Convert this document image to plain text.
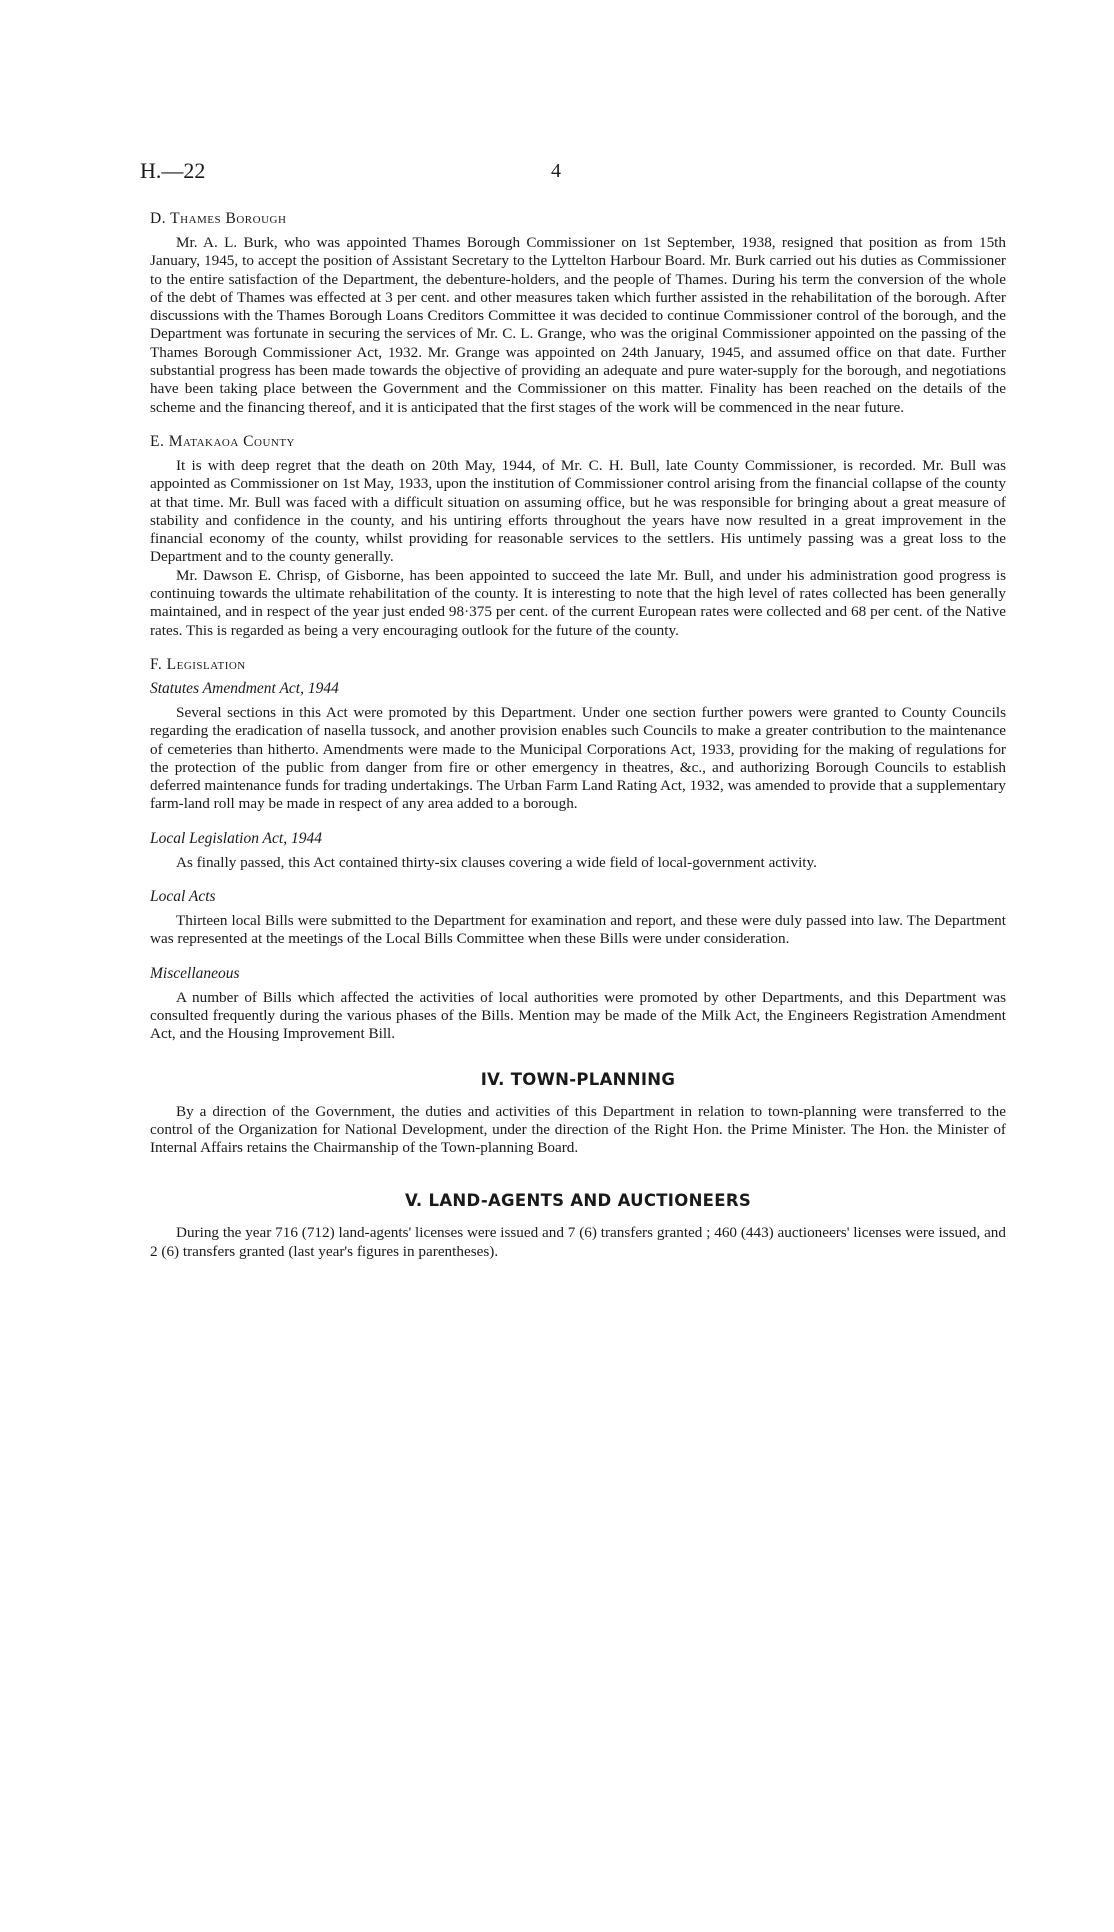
H.—22	4
D. Thames Borough

Mr. A. L. Burk, who was appointed Thames Borough Commissioner on 1st September, 1938, resigned that position as from 15th January, 1945, to accept the position of Assistant Secretary to the Lyttelton Harbour Board. Mr. Burk carried out his duties as Commissioner to the entire satisfaction of the Department, the debenture-holders, and the people of Thames. During his term the conversion of the whole of the debt of Thames was effected at 3 per cent. and other measures taken which further assisted in the rehabilitation of the borough. After discussions with the Thames Borough Loans Creditors Committee it was decided to continue Commissioner control of the borough, and the Department was fortunate in securing the services of Mr. C. L. Grange, who was the original Commissioner appointed on the passing of the Thames Borough Commissioner Act, 1932. Mr. Grange was appointed on 24th January, 1945, and assumed office on that date. Further substantial progress has been made towards the objective of providing an adequate and pure water-supply for the borough, and negotiations have been taking place between the Government and the Commissioner on this matter. Finality has been reached on the details of the scheme and the financing thereof, and it is anticipated that the first stages of the work will be commenced in the near future.

E. Matakaoa County

It is with deep regret that the death on 20th May, 1944, of Mr. C. H. Bull, late County Commissioner, is recorded. Mr. Bull was appointed as Commissioner on 1st May, 1933, upon the institution of Commissioner control arising from the financial collapse of the county at that time. Mr. Bull was faced with a difficult situation on assuming office, but he was responsible for bringing about a great measure of stability and confidence in the county, and his untiring efforts throughout the years have now resulted in a great improvement in the financial economy of the county, whilst providing for reasonable services to the settlers. His untimely passing was a great loss to the Department and to the county generally.

Mr. Dawson E. Chrisp, of Gisborne, has been appointed to succeed the late Mr. Bull, and under his administration good progress is continuing towards the ultimate rehabilitation of the county. It is interesting to note that the high level of rates collected has been generally maintained, and in respect of the year just ended 98·375 per cent. of the current European rates were collected and 68 per cent. of the Native rates. This is regarded as being a very encouraging outlook for the future of the county.

F. Legislation
Statutes Amendment Act, 1944

Several sections in this Act were promoted by this Department. Under one section further powers were granted to County Councils regarding the eradication of nasella tussock, and another provision enables such Councils to make a greater contribution to the maintenance of cemeteries than hitherto. Amendments were made to the Municipal Corporations Act, 1933, providing for the making of regulations for the protection of the public from danger from fire or other emergency in theatres, &c., and authorizing Borough Councils to establish deferred maintenance funds for trading undertakings. The Urban Farm Land Rating Act, 1932, was amended to provide that a supplementary farm-land roll may be made in respect of any area added to a borough.

Local Legislation Act, 1944

As finally passed, this Act contained thirty-six clauses covering a wide field of local-government activity.

Local Acts

Thirteen local Bills were submitted to the Department for examination and report, and these were duly passed into law. The Department was represented at the meetings of the Local Bills Committee when these Bills were under consideration.

Miscellaneous

A number of Bills which affected the activities of local authorities were promoted by other Departments, and this Department was consulted frequently during the various phases of the Bills. Mention may be made of the Milk Act, the Engineers Registration Amendment Act, and the Housing Improvement Bill.

IV. TOWN-PLANNING

By a direction of the Government, the duties and activities of this Department in relation to town-planning were transferred to the control of the Organization for National Development, under the direction of the Right Hon. the Prime Minister. The Hon. the Minister of Internal Affairs retains the Chairmanship of the Town-planning Board.

V. LAND-AGENTS AND AUCTIONEERS

During the year 716 (712) land-agents' licenses were issued and 7 (6) transfers granted ; 460 (443) auctioneers' licenses were issued, and 2 (6) transfers granted (last year's figures in parentheses).
